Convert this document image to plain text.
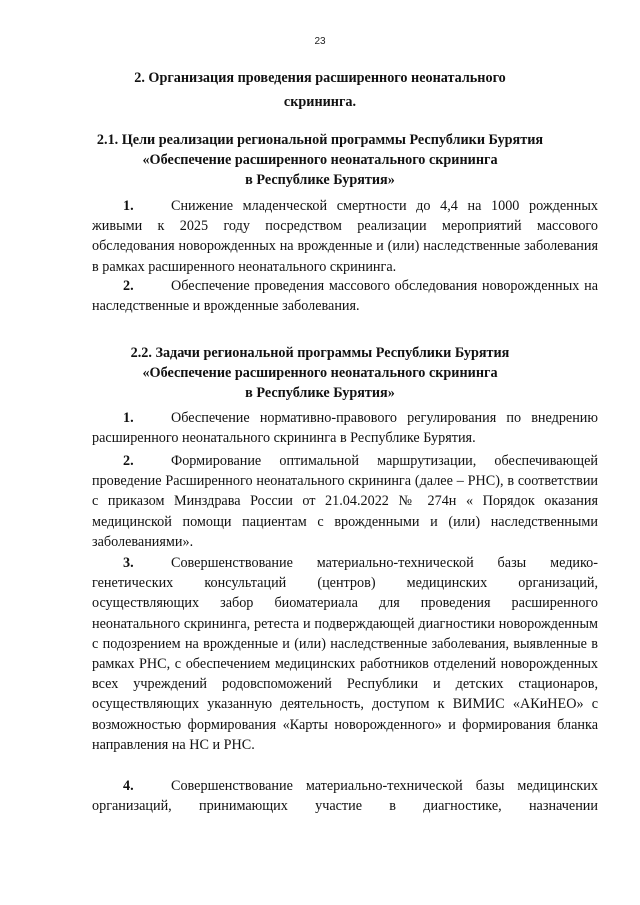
23
2. Организация проведения расширенного неонатального
скрининга.
2.1. Цели реализации региональной программы Республики Бурятия
«Обеспечение расширенного неонатального скрининга
в Республике Бурятия»
1.	Снижение младенческой смертности до 4,4 на 1000 рожденных живыми к 2025 году посредством реализации мероприятий массового обследования новорожденных на врожденные и (или) наследственные заболевания в рамках расширенного неонатального скрининга.
2.	Обеспечение проведения массового обследования новорожденных на наследственные и врожденные заболевания.
2.2. Задачи региональной программы Республики Бурятия
«Обеспечение расширенного неонатального скрининга
в Республике Бурятия»
1.	Обеспечение нормативно-правового регулирования по внедрению расширенного неонатального скрининга в Республике Бурятия.
2.	Формирование оптимальной маршрутизации, обеспечивающей проведение Расширенного неонатального скрининга (далее – РНС), в соответствии с приказом Минздрава России от 21.04.2022 № 274н « Порядок оказания медицинской помощи пациентам с врожденными и (или) наследственными заболеваниями».
3.	Совершенствование материально-технической базы медико-генетических консультаций (центров) медицинских организаций, осуществляющих забор биоматериала для проведения расширенного неонатального скрининга, ретеста и подверждающей диагностики новорожденным с подозрением на врожденные и (или) наследственные заболевания, выявленные в рамках РНС, с обеспечением медицинских работников отделений новорожденных всех учреждений родовспоможений Республики и детских стационаров, осуществляющих указанную деятельность, доступом к ВИМИС «АКиНЕО» с возможностью формирования «Карты новорожденного» и формирования бланка направления на НС и РНС.
4.	Совершенствование материально-технической базы медицинских организаций, принимающих участие в диагностике, назначении
